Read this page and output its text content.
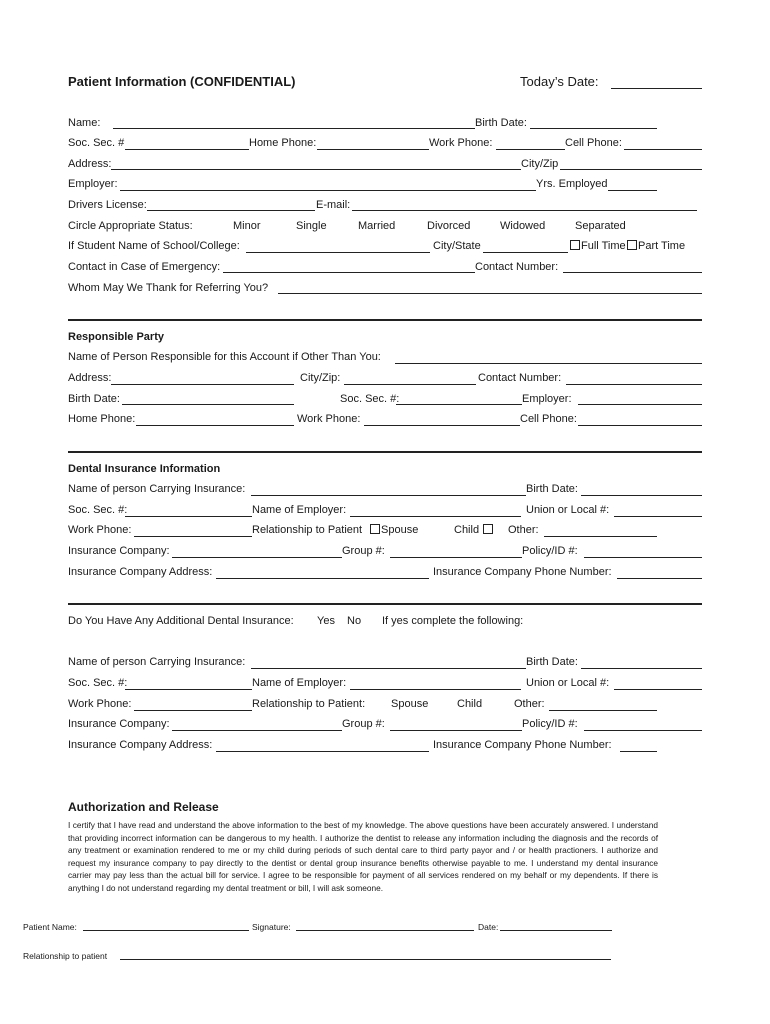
Patient Information (CONFIDENTIAL)	Today’s Date:
Name:	Birth Date:
Soc. Sec. #	Home Phone:	Work Phone:	Cell Phone:
Address:	City/Zip
Employer:	Yrs. Employed
Drivers License:	E-mail:
Circle Appropriate Status:	Minor	Single	Married	Divorced	Widowed	Separated
If Student Name of School/College:	City/State	Full Time	Part Time
Contact in Case of Emergency:	Contact Number:
Whom May We Thank for Referring You?
Responsible Party
Name of Person Responsible for this Account if Other Than You:
Address:	City/Zip:	Contact Number:
Birth Date:	Soc. Sec. #:	Employer:
Home Phone:	Work Phone:	Cell Phone:
Dental Insurance Information
Name of person Carrying Insurance:	Birth Date:
Soc. Sec. #:	Name of Employer:	Union or Local #:
Work Phone:	Relationship to Patient	Spouse	Child	Other:
Insurance Company:	Group #:	Policy/ID #:
Insurance Company Address:	Insurance Company Phone Number:
Do You Have Any Additional Dental Insurance: Yes No If yes complete the following:
Name of person Carrying Insurance:	Birth Date:
Soc. Sec. #:	Name of Employer:	Union or Local #:
Work Phone:	Relationship to Patient: Spouse	Child	Other:
Insurance Company:	Group #:	Policy/ID #:
Insurance Company Address:	Insurance Company Phone Number:
Authorization and Release
I certify that I have read and understand the above information to the best of my knowledge. The above questions have been accurately answered. I understand that providing incorrect information can be dangerous to my health. I authorize the dentist to release any information including the diagnosis and the records of any treatment or examination rendered to me or my child during periods of such dental care to third party payor and / or health practioners. I authorize and request my insurance company to pay directly to the dentist or dental group insurance benefits otherwise payable to me. I understand my dental insurance carrier may pay less than the actual bill for service. I agree to be responsible for payment of all services rendered on my behalf or my dependents. If there is anything I do not understand regarding my dental treatment or bill, I will ask someone.
Patient Name:	Signature:	Date:
Relationship to patient
